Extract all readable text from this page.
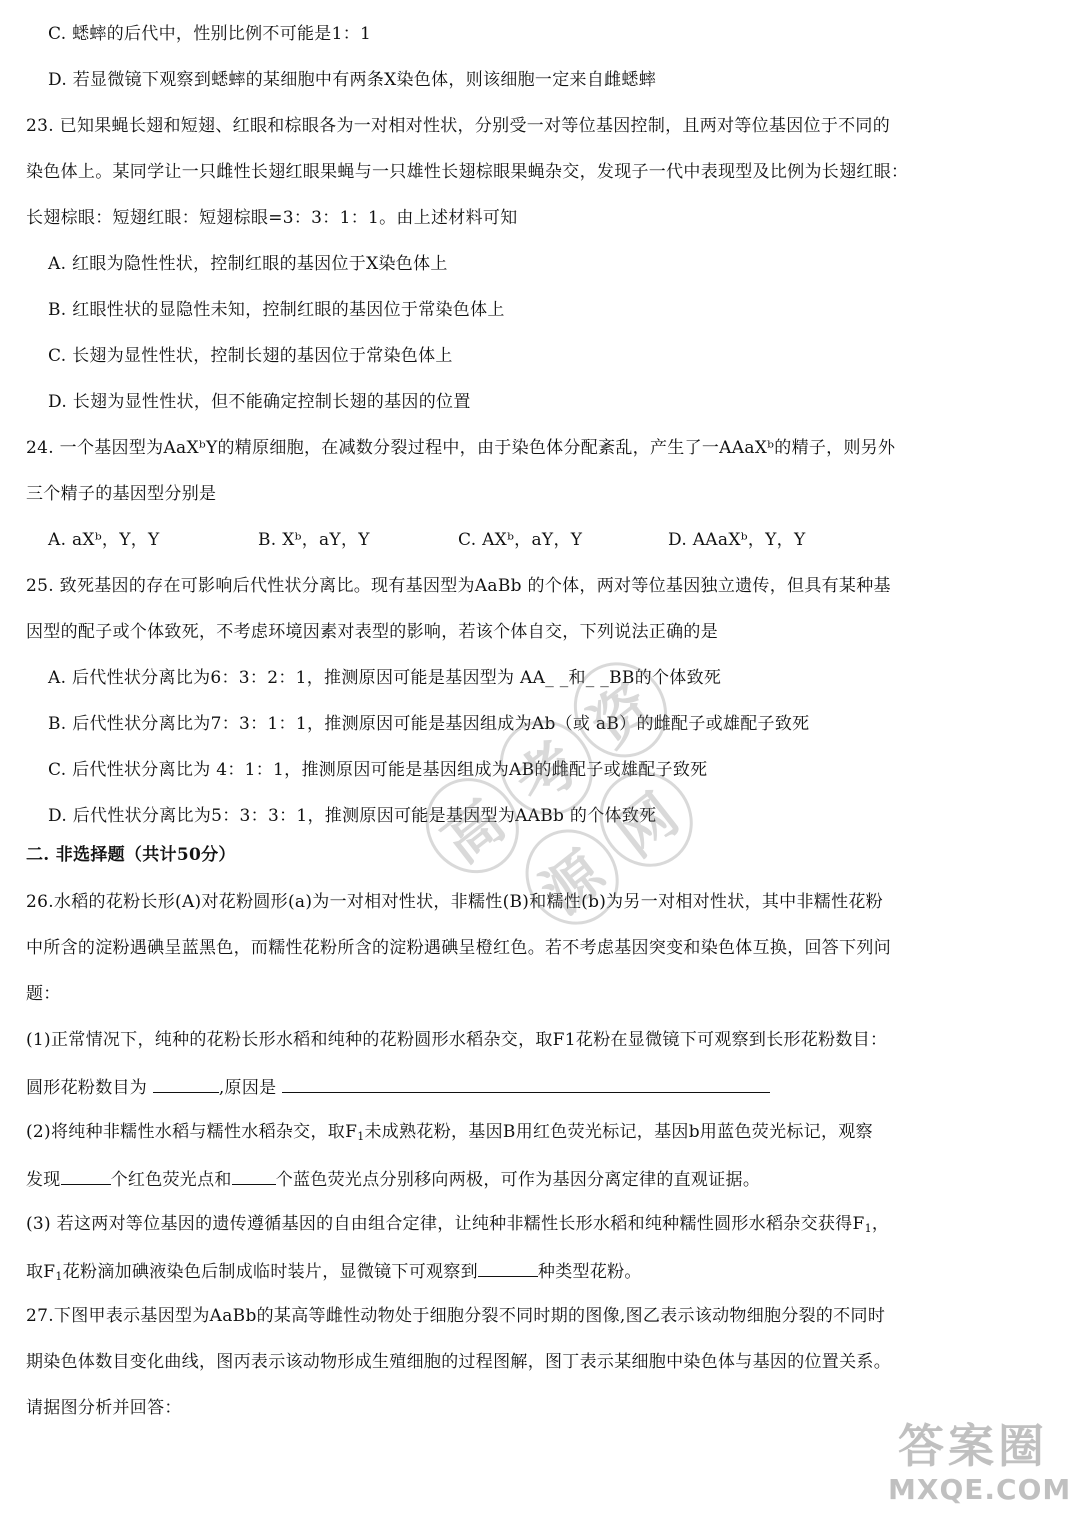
C. 蟋蟀的后代中，性别比例不可能是1：1
D. 若显微镜下观察到蟋蟀的某细胞中有两条X染色体，则该细胞一定来自雌蟋蟀
23. 已知果蝇长翅和短翅、红眼和棕眼各为一对相对性状，分别受一对等位基因控制，且两对等位基因位于不同的
染色体上。某同学让一只雌性长翅红眼果蝇与一只雄性长翅棕眼果蝇杂交，发现子一代中表现型及比例为长翅红眼：
长翅棕眼：短翅红眼：短翅棕眼=3：3：1：1。由上述材料可知
A. 红眼为隐性性状，控制红眼的基因位于X染色体上
B. 红眼性状的显隐性未知，控制红眼的基因位于常染色体上
C. 长翅为显性性状，控制长翅的基因位于常染色体上
D. 长翅为显性性状，但不能确定控制长翅的基因的位置
24. 一个基因型为AaXᵇY的精原细胞，在减数分裂过程中，由于染色体分配紊乱，产生了一AAaXᵇ的精子，则另外
三个精子的基因型分别是
A. aXᵇ，Y，Y	B. Xᵇ，aY，Y	C. AXᵇ，aY，Y	D. AAaXᵇ，Y，Y
25. 致死基因的存在可影响后代性状分离比。现有基因型为AaBb 的个体，两对等位基因独立遗传，但具有某种基
因型的配子或个体致死，不考虑环境因素对表型的影响，若该个体自交，下列说法正确的是
A. 后代性状分离比为6：3：2：1，推测原因可能是基因型为 AA_ _和_ _BB的个体致死
B. 后代性状分离比为7：3：1：1，推测原因可能是基因组成为Ab（或 aB）的雌配子或雄配子致死
C. 后代性状分离比为 4：1：1，推测原因可能是基因组成为AB的雌配子或雄配子致死
D. 后代性状分离比为5：3：3：1，推测原因可能是基因型为AABb 的个体致死
二. 非选择题（共计50分）
26.水稻的花粉长形(A)对花粉圆形(a)为一对相对性状，非糯性(B)和糯性(b)为另一对相对性状，其中非糯性花粉
中所含的淀粉遇碘呈蓝黑色，而糯性花粉所含的淀粉遇碘呈橙红色。若不考虑基因突变和染色体互换，回答下列问
题：
(1)正常情况下，纯种的花粉长形水稻和纯种的花粉圆形水稻杂交，取F1花粉在显微镜下可观察到长形花粉数目：
圆形花粉数目为	,原因是
(2)将纯种非糯性水稻与糯性水稻杂交，取$F_1$未成熟花粉，基因B用红色荧光标记，基因b用蓝色荧光标记，观察
发现	个红色荧光点和	个蓝色荧光点分别移向两极，可作为基因分离定律的直观证据。
(3) 若这两对等位基因的遗传遵循基因的自由组合定律，让纯种非糯性长形水稻和纯种糯性圆形水稻杂交获得$F_1$，
取$F_1$花粉滴加碘液染色后制成临时装片，显微镜下可观察到	种类型花粉。
27.下图甲表示基因型为AaBb的某高等雌性动物处于细胞分裂不同时期的图像,图乙表示该动物细胞分裂的不同时
期染色体数目变化曲线，图丙表示该动物形成生殖细胞的过程图解，图丁表示某细胞中染色体与基因的位置关系。
请据图分析并回答：
高考资源网
答案圈
MXQE.COM
